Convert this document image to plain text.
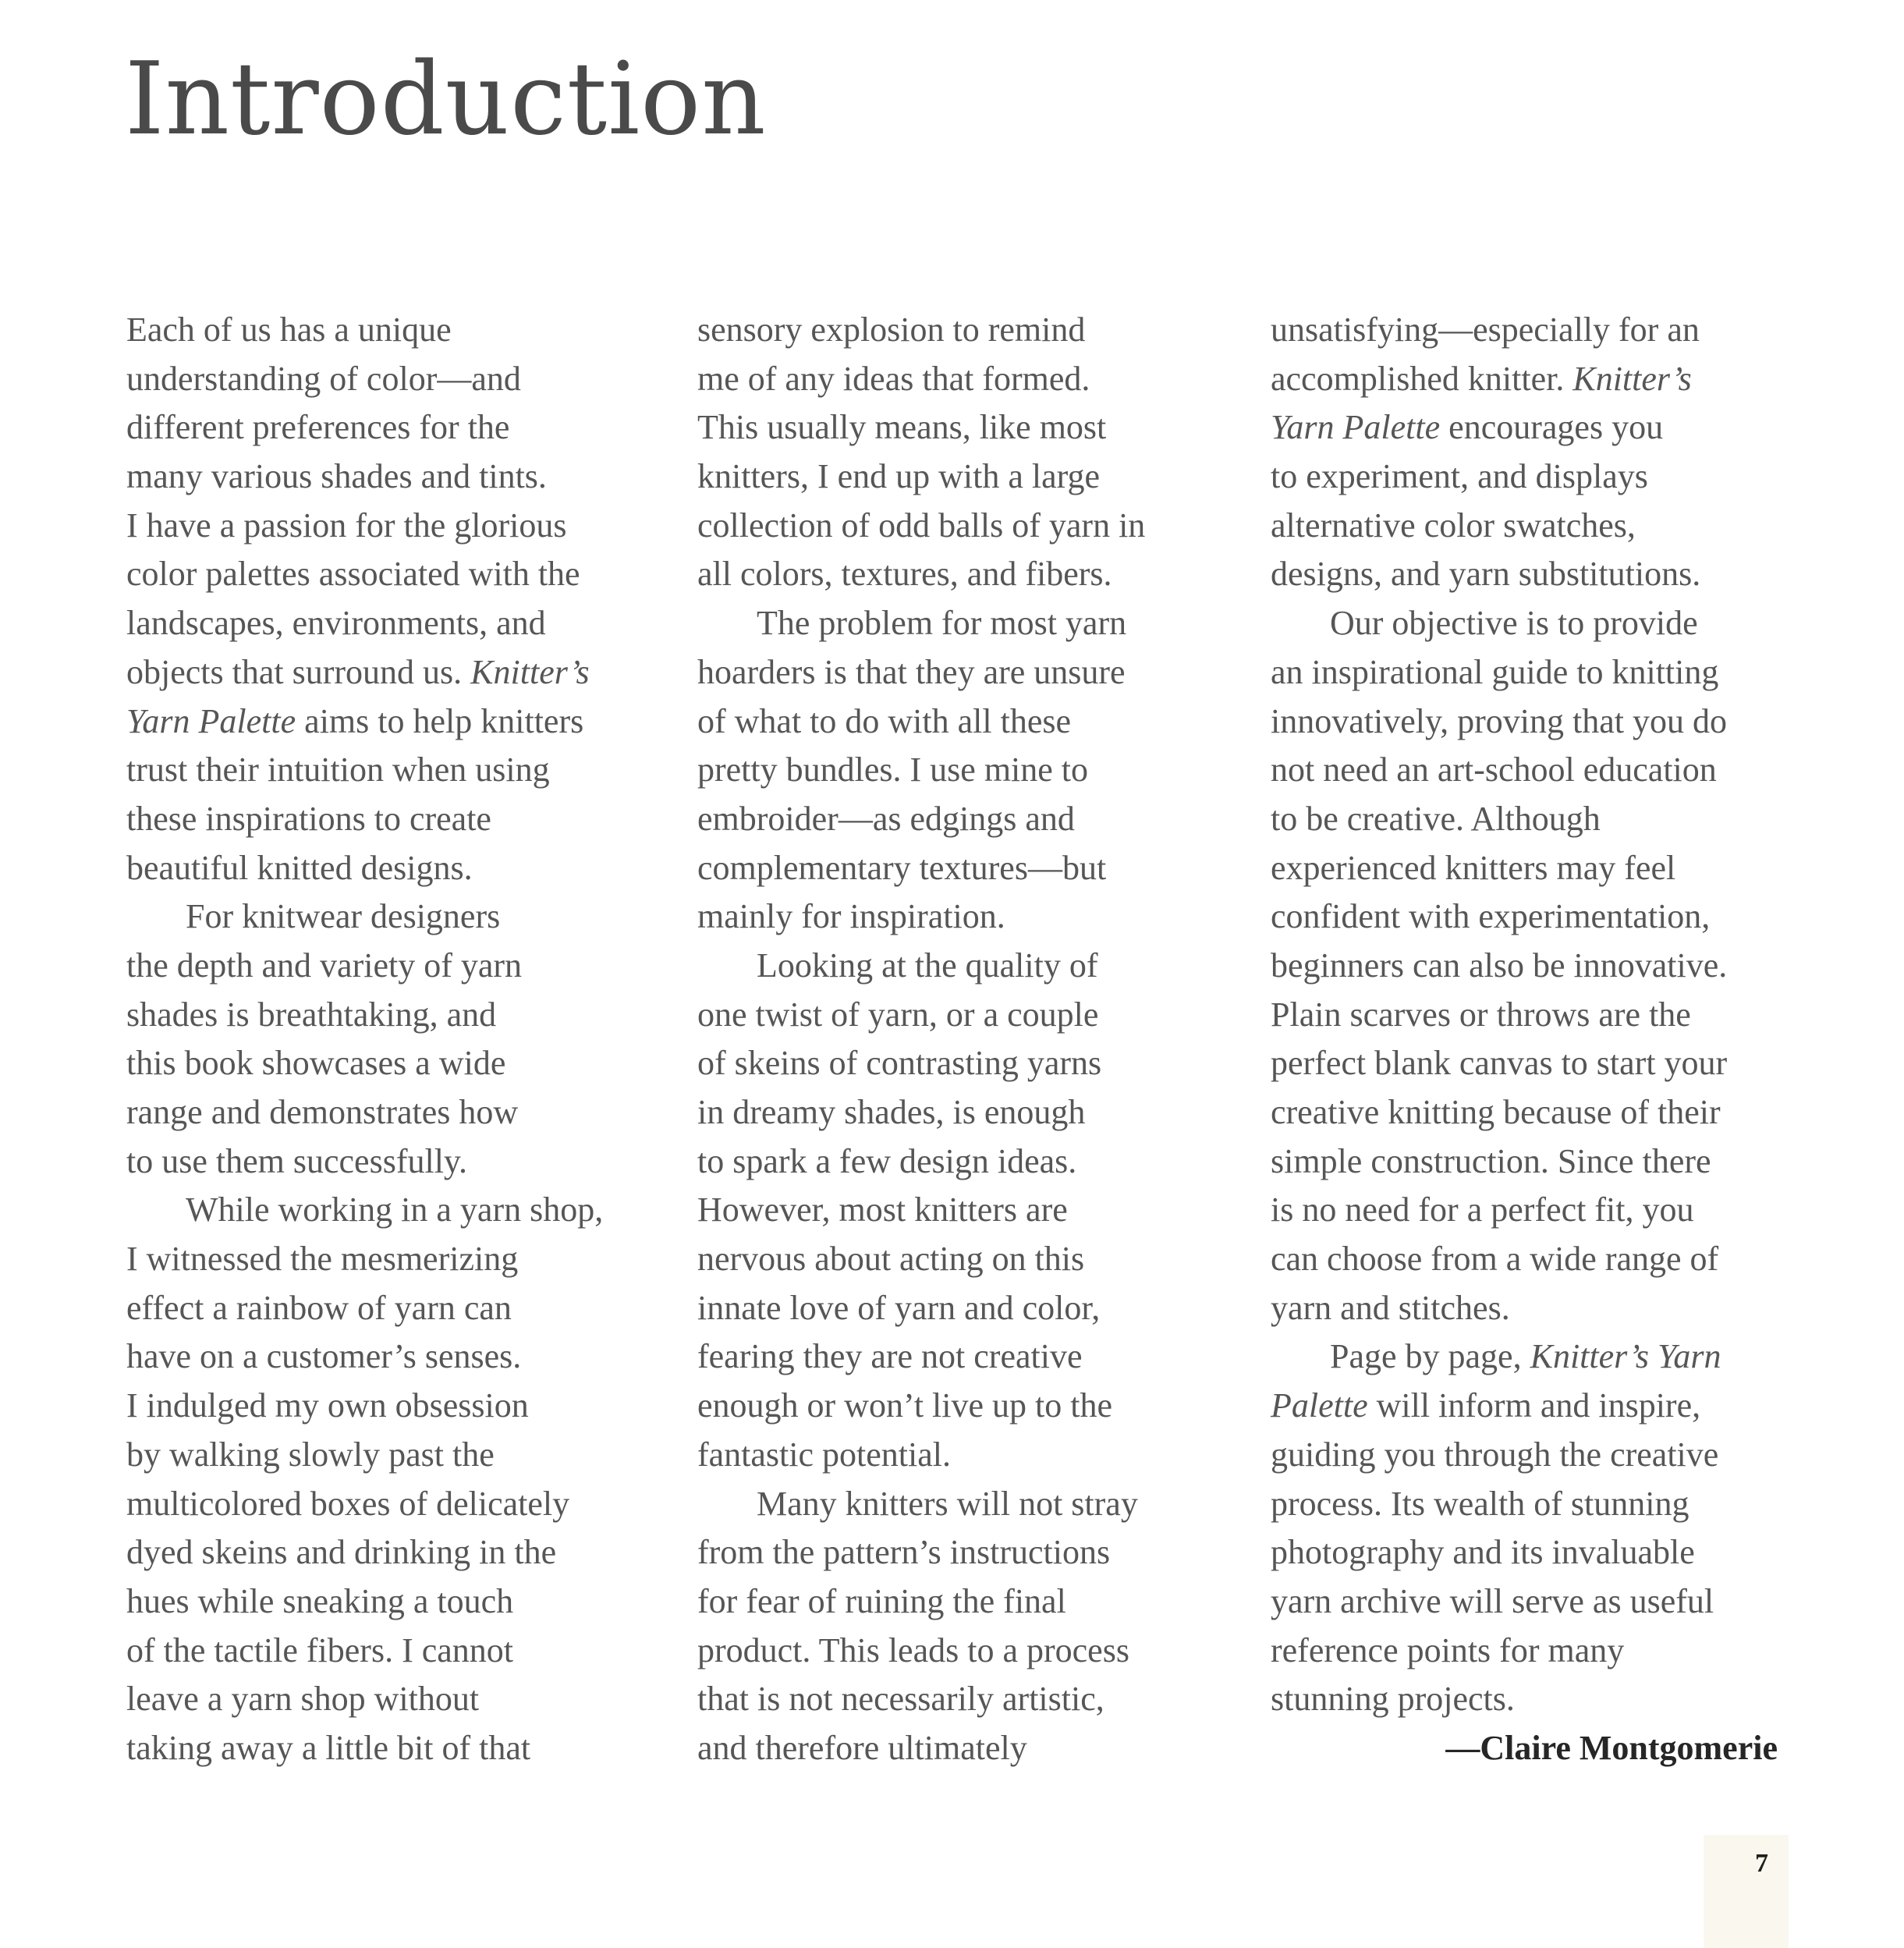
Introduction
Each of us has a unique
understanding of color—and
different preferences for the
many various shades and tints.
I have a passion for the glorious
color palettes associated with the
landscapes, environments, and
objects that surround us. Knitter’s
Yarn Palette aims to help knitters
trust their intuition when using
these inspirations to create
beautiful knitted designs.
For knitwear designers
the depth and variety of yarn
shades is breathtaking, and
this book showcases a wide
range and demonstrates how
to use them successfully.
While working in a yarn shop,
I witnessed the mesmerizing
effect a rainbow of yarn can
have on a customer’s senses.
I indulged my own obsession
by walking slowly past the
multicolored boxes of delicately
dyed skeins and drinking in the
hues while sneaking a touch
of the tactile fibers. I cannot
leave a yarn shop without
taking away a little bit of that
sensory explosion to remind
me of any ideas that formed.
This usually means, like most
knitters, I end up with a large
collection of odd balls of yarn in
all colors, textures, and fibers.
The problem for most yarn
hoarders is that they are unsure
of what to do with all these
pretty bundles. I use mine to
embroider—as edgings and
complementary textures—but
mainly for inspiration.
Looking at the quality of
one twist of yarn, or a couple
of skeins of contrasting yarns
in dreamy shades, is enough
to spark a few design ideas.
However, most knitters are
nervous about acting on this
innate love of yarn and color,
fearing they are not creative
enough or won’t live up to the
fantastic potential.
Many knitters will not stray
from the pattern’s instructions
for fear of ruining the final
product. This leads to a process
that is not necessarily artistic,
and therefore ultimately
unsatisfying—especially for an
accomplished knitter. Knitter’s
Yarn Palette encourages you
to experiment, and displays
alternative color swatches,
designs, and yarn substitutions.
Our objective is to provide
an inspirational guide to knitting
innovatively, proving that you do
not need an art-school education
to be creative. Although
experienced knitters may feel
confident with experimentation,
beginners can also be innovative.
Plain scarves or throws are the
perfect blank canvas to start your
creative knitting because of their
simple construction. Since there
is no need for a perfect fit, you
can choose from a wide range of
yarn and stitches.
Page by page, Knitter’s Yarn
Palette will inform and inspire,
guiding you through the creative
process. Its wealth of stunning
photography and its invaluable
yarn archive will serve as useful
reference points for many
stunning projects.
—Claire Montgomerie
7
